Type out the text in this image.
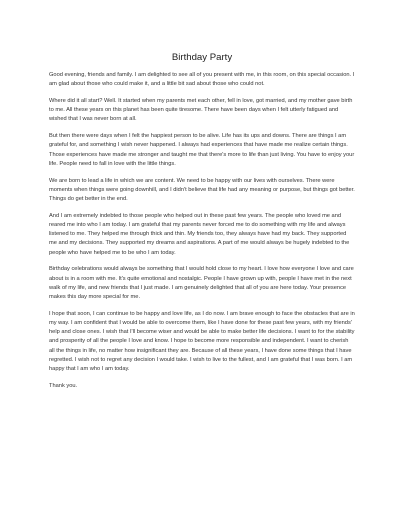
Birthday Party

Good evening, friends and family. I am delighted to see all of you present with me, in this room, on this special occasion. I am glad about those who could make it, and a little bit sad about those who could not.

Where did it all start? Well. It started when my parents met each other, fell in love, got married, and my mother gave birth to me. All these years on this planet has been quite tiresome. There have been days when I felt utterly fatigued and wished that I was never born at all.

But then there were days when I felt the happiest person to be alive. Life has its ups and downs. There are things I am grateful for, and something I wish never happened. I always had experiences that have made me realize certain things. Those experiences have made me stronger and taught me that there's more to life than just living. You have to enjoy your life. People need to fall in love with the little things.

We are born to lead a life in which we are content. We need to be happy with our lives with ourselves. There were moments when things were going downhill, and I didn't believe that life had any meaning or purpose, but things got better. Things do get better in the end.

And I am extremely indebted to those people who helped out in these past few years. The people who loved me and reared me into who I am today. I am grateful that my parents never forced me to do something with my life and always listened to me. They helped me through thick and thin. My friends too, they always have had my back. They supported me and my decisions. They supported my dreams and aspirations. A part of me would always be hugely indebted to the people who have helped me to be who I am today.

Birthday celebrations would always be something that I would hold close to my heart. I love how everyone I love and care about is in a room with me. It's quite emotional and nostalgic. People I have grown up with, people I have met in the next walk of my life, and new friends that I just made. I am genuinely delighted that all of you are here today. Your presence makes this day more special for me.

I hope that soon, I can continue to be happy and love life, as I do now. I am brave enough to face the obstacles that are in my way. I am confident that I would be able to overcome them, like I have done for these past few years, with my friends' help and close ones. I wish that I'll become wiser and would be able to make better life decisions. I want to for the stability and prosperity of all the people I love and know. I hope to become more responsible and independent. I want to cherish all the things in life, no matter how insignificant they are. Because of all these years, I have done some things that I have regretted. I wish not to regret any decision I would take. I wish to live to the fullest, and I am grateful that I was born. I am happy that I am who I am today.

Thank you.
